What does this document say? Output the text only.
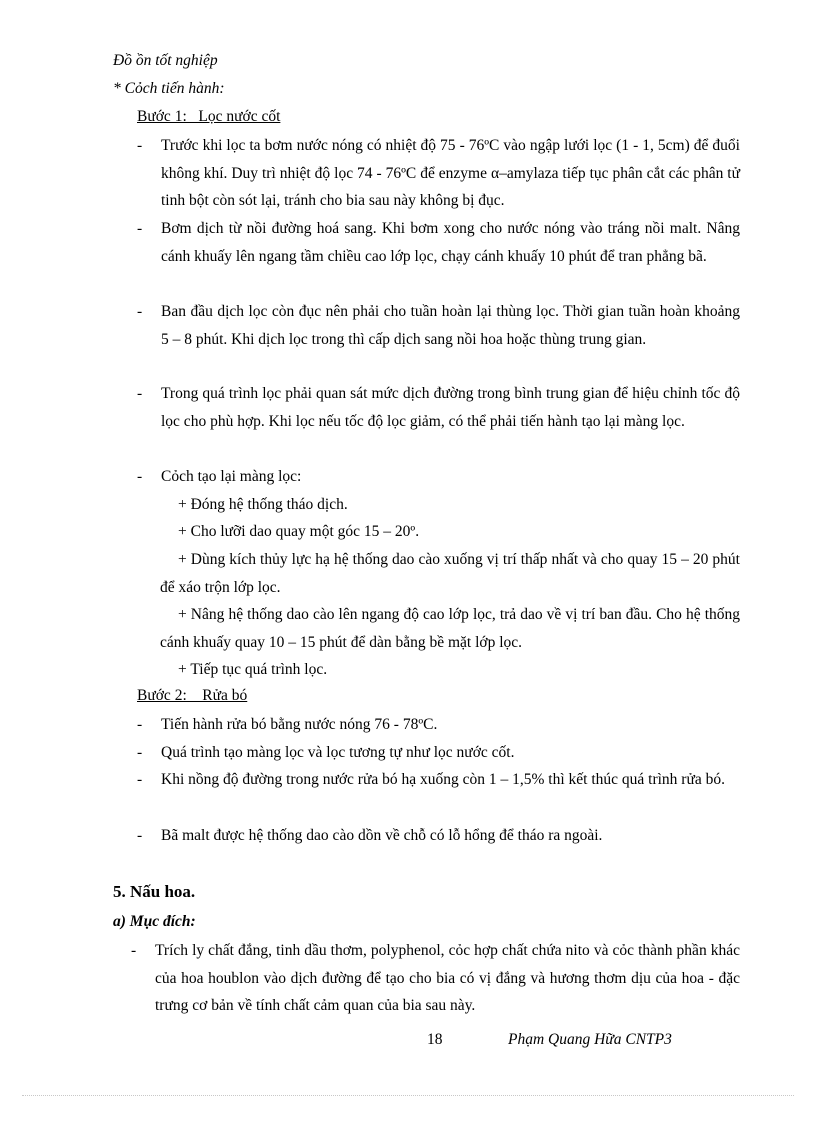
Đồ ồn tốt nghiệp
* Cỏch tiến hành:
Bước 1:   Lọc nước cốt
- Trước khi lọc ta bơm nước nóng có nhiệt độ 75 - 76ºC vào ngập lưới lọc (1 - 1, 5cm) để đuổi không khí. Duy trì nhiệt độ lọc 74 - 76ºC để enzyme α–amylaza tiếp tục phân cắt các phân tử tinh bột còn sót lại, tránh cho bia sau này không bị đục.
- Bơm dịch từ nồi đường hoá sang. Khi bơm xong cho nước nóng vào tráng nồi malt. Nâng cánh khuấy lên ngang tầm chiều cao lớp lọc, chạy cánh khuấy 10 phút để tran phẳng bã.
- Ban đầu dịch lọc còn đục nên phải cho tuần hoàn lại thùng lọc. Thời gian tuần hoàn khoảng 5 – 8 phút. Khi dịch lọc trong thì cấp dịch sang nồi hoa hoặc thùng trung gian.
- Trong quá trình lọc phải quan sát mức dịch đường trong bình trung gian để hiệu chỉnh tốc độ lọc cho phù hợp. Khi lọc nếu tốc độ lọc giảm, có thể phải tiến hành tạo lại màng lọc.
- Cỏch tạo lại màng lọc:
+ Đóng hệ thống tháo dịch.
+ Cho lưỡi dao quay một góc 15 – 20º.
+ Dùng kích thủy lực hạ hệ thống dao cào xuống vị trí thấp nhất và cho quay 15 – 20 phút để xáo trộn lớp lọc.
+ Nâng hệ thống dao cào lên ngang độ cao lớp lọc, trả dao về vị trí ban đầu. Cho hệ thống cánh khuấy quay 10 – 15 phút để dàn bằng bề mặt lớp lọc.
+ Tiếp tục quá trình lọc.
Bước 2:    Rửa bó
- Tiến hành rửa bó bằng nước nóng 76 - 78ºC.
- Quá trình tạo màng lọc và lọc tương tự như lọc nước cốt.
- Khi nồng độ đường trong nước rửa bó hạ xuống còn 1 – 1,5% thì kết thúc quá trình rửa bó.
- Bã malt được hệ thống dao cào dồn về chỗ có lỗ hổng để tháo ra ngoài.
5. Nấu hoa.
a) Mục đích:
- Trích ly chất đắng, tinh dầu thơm, polyphenol, cỏc hợp chất chứa nito và cỏc thành phần khác của hoa houblon vào dịch đường để tạo cho bia có vị đắng và hương thơm dịu của hoa - đặc trưng cơ bản về tính chất cảm quan của bia sau này.
18	Phạm Quang Hữa CNTP3
